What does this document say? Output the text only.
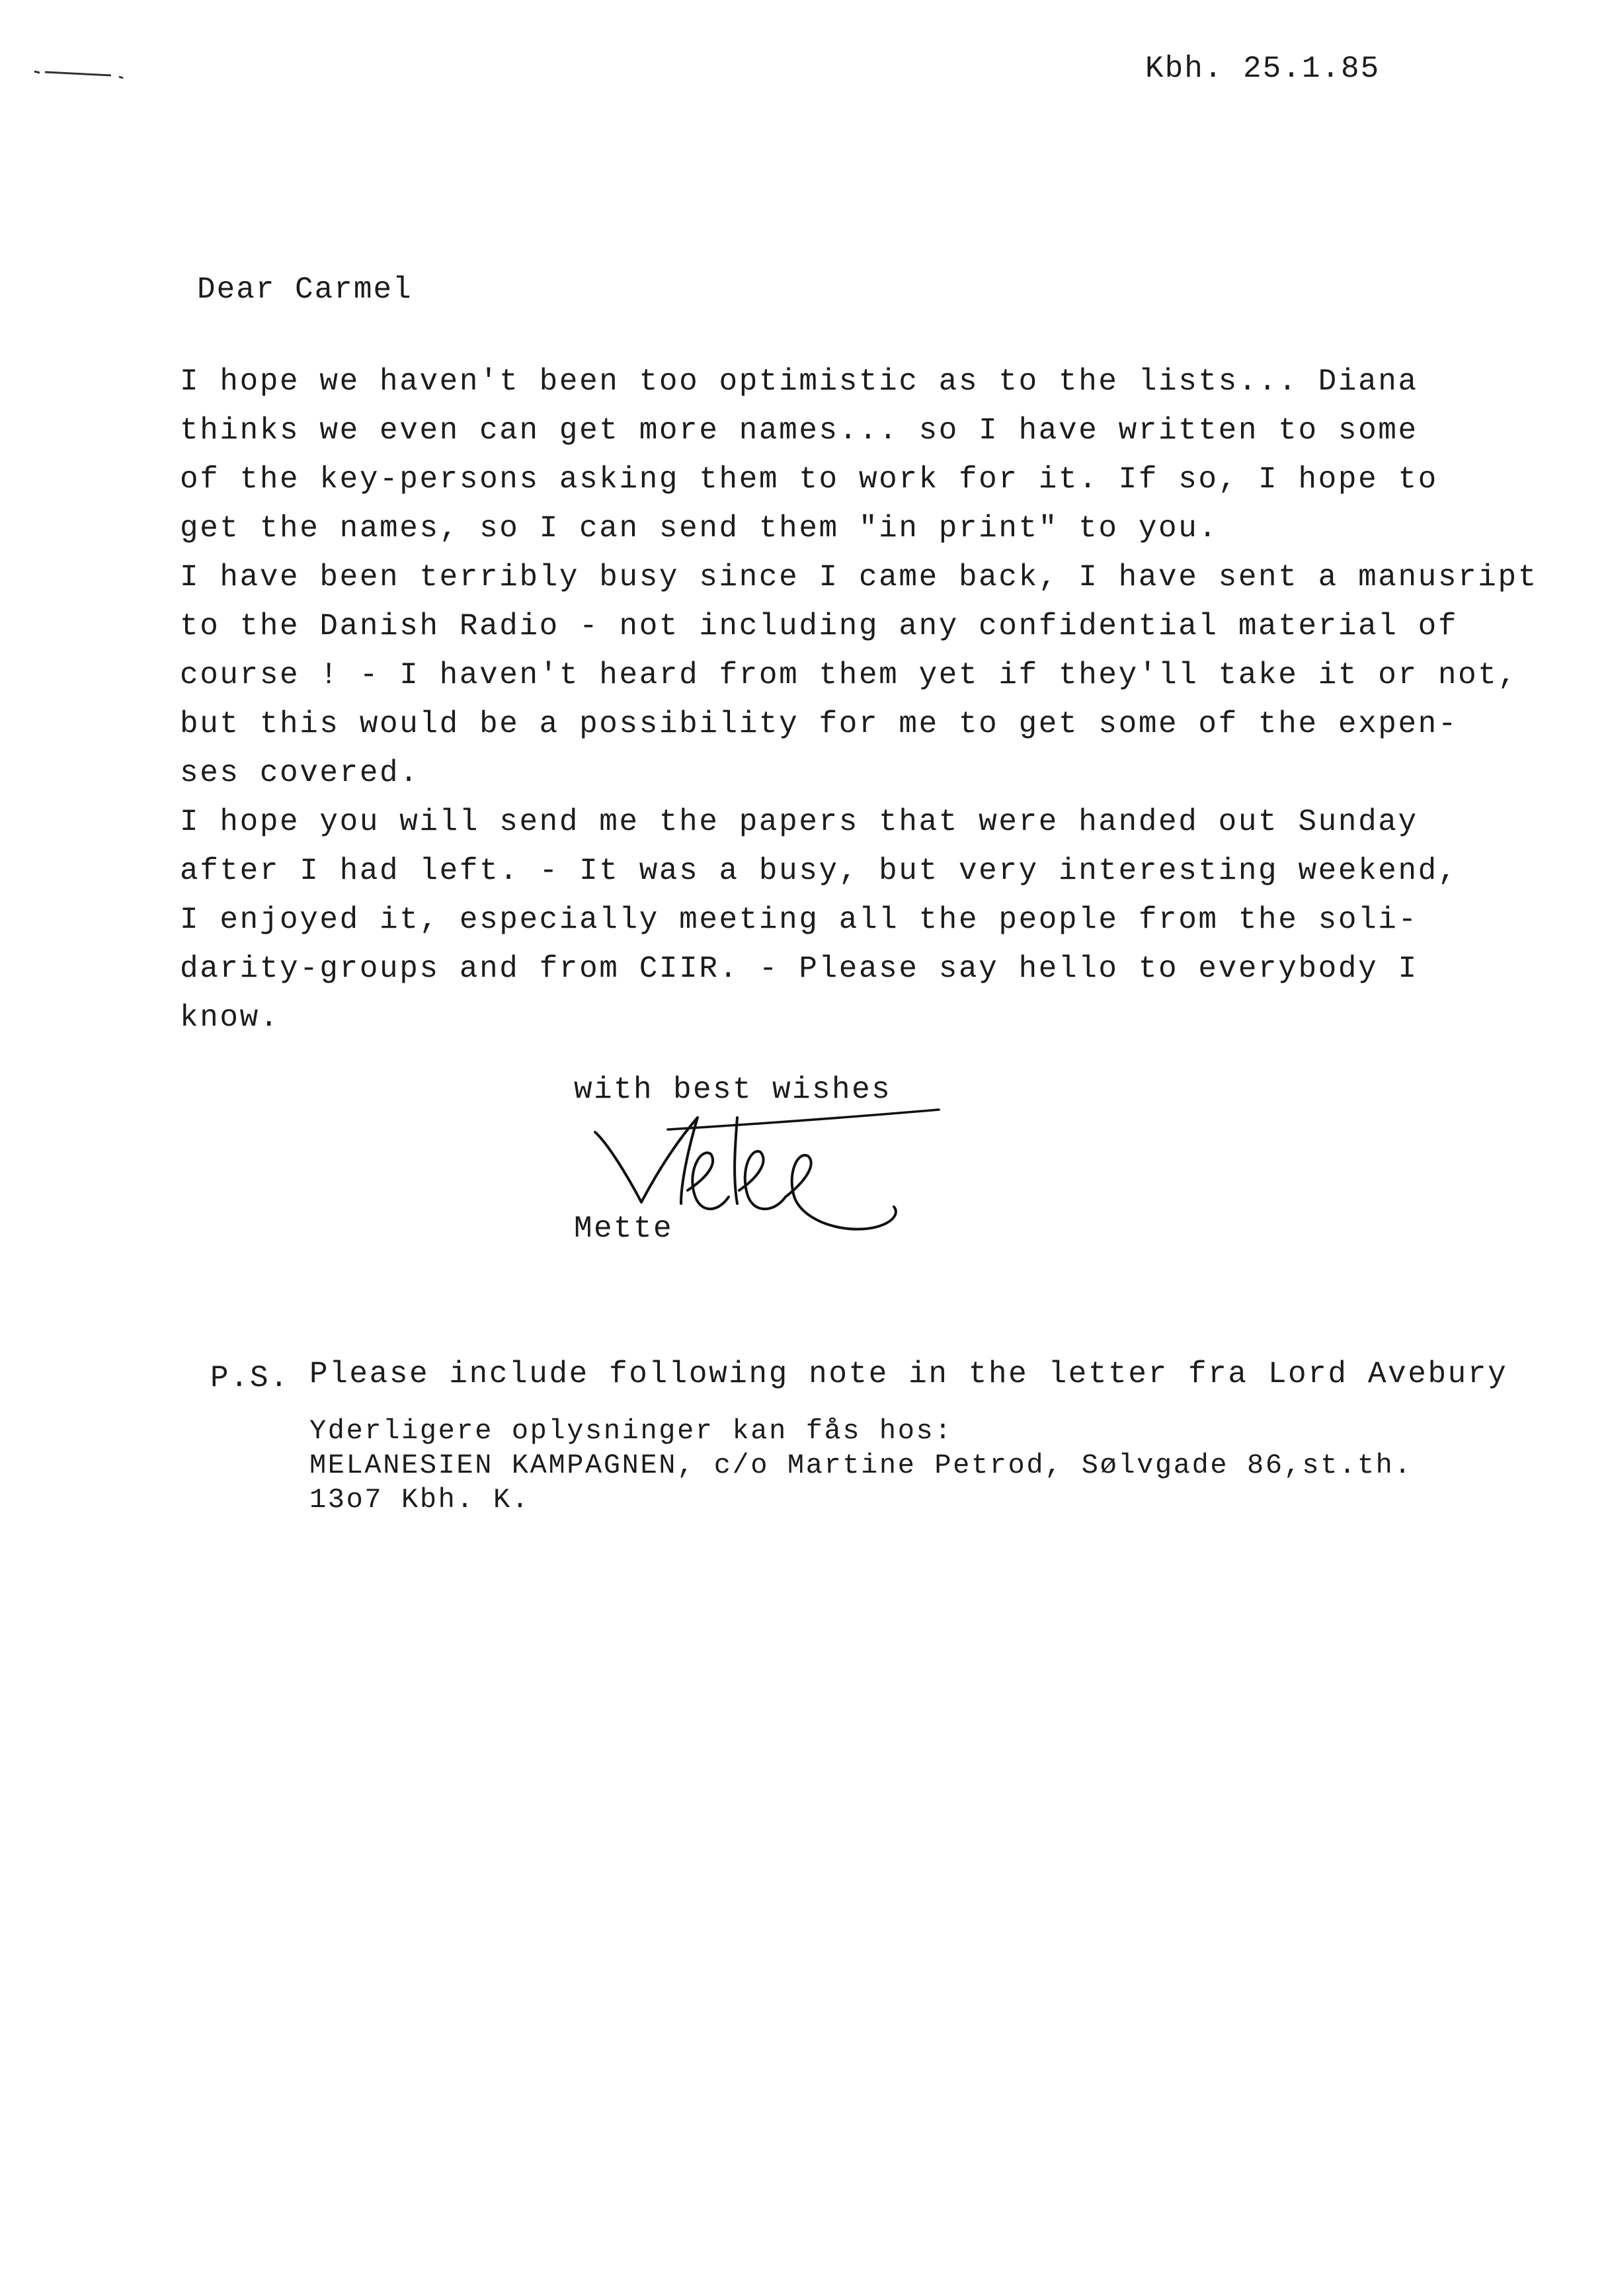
Kbh. 25.1.85
Dear Carmel
I hope we haven't been too optimistic as to the lists... Diana
thinks we even can get more names... so I have written to some
of the key-persons asking them to work for it. If so, I hope to
get the names, so I can send them "in print" to you.
I have been terribly busy since I came back, I have sent a manusript
to the Danish Radio - not including any confidential material of
course ! - I haven't heard from them yet if they'll take it or not,
but this would be a possibility for me to get some of the expen-
ses covered.
I hope you will send me the papers that were handed out Sunday
after I had left. - It was a busy, but very interesting weekend,
I enjoyed it, especially meeting all the people from the soli-
darity-groups and from CIIR. - Please say hello to everybody I
know.
with best wishes
Mette
P.S. Please include following note in the letter fra Lord Avebury
Yderligere oplysninger kan fås hos:
MELANESIEN KAMPAGNEN, c/o Martine Petrod, Sølvgade 86,st.th.
13o7 Kbh. K.
